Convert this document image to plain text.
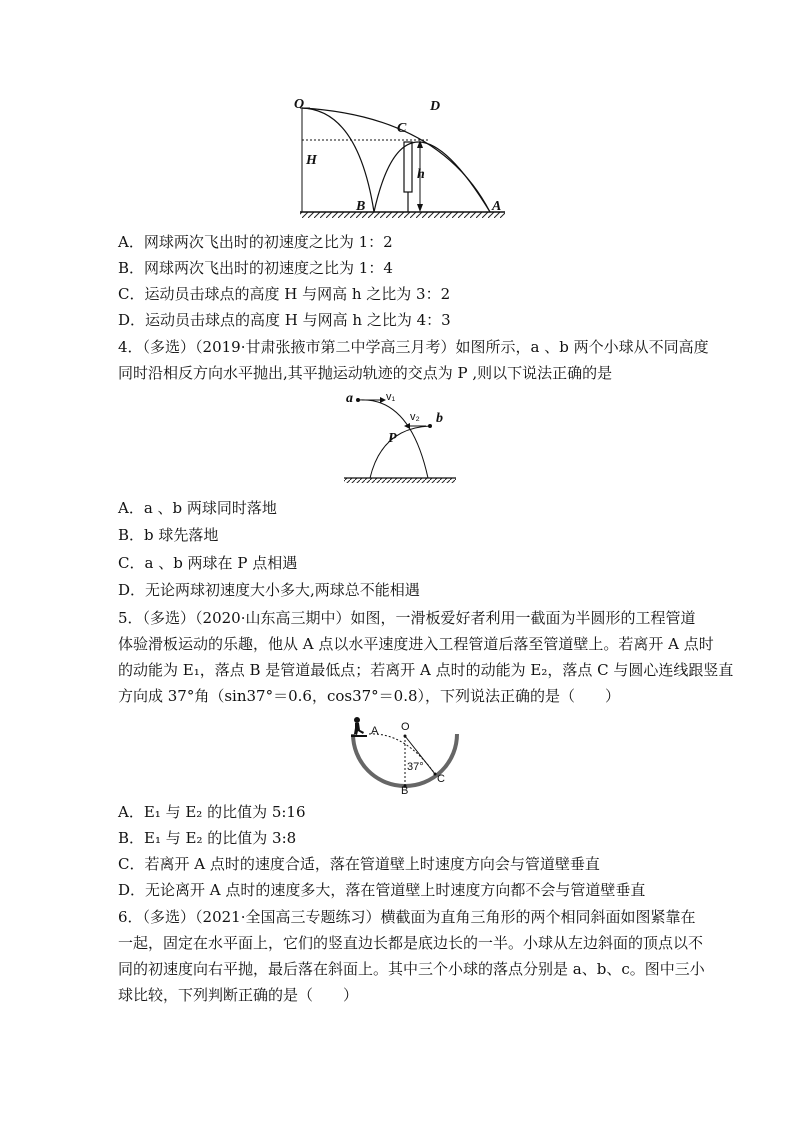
O	D
C
H
h
B	A
A．网球两次飞出时的初速度之比为 1：2
B．网球两次飞出时的初速度之比为 1：4
C．运动员击球点的高度 H 与网高 h 之比为 3：2
D．运动员击球点的高度 H 与网高 h 之比为 4：3
4．（多选）（2019·甘肃张掖市第二中学高三月考）如图所示，a 、b 两个小球从不同高度
同时沿相反方向水平抛出,其平抛运动轨迹的交点为 P ,则以下说法正确的是
a	v₁
v₂ b
P
A．a 、b 两球同时落地
B．b 球先落地
C．a 、b 两球在 P 点相遇
D．无论两球初速度大小多大,两球总不能相遇
5．（多选）（2020·山东高三期中）如图，一滑板爱好者利用一截面为半圆形的工程管道
体验滑板运动的乐趣，他从 A 点以水平速度进入工程管道后落至管道壁上。若离开 A 点时
的动能为 E₁，落点 B 是管道最低点；若离开 A 点时的动能为 E₂，落点 C 与圆心连线跟竖直
方向成 37°角（sin37°＝0.6，cos37°＝0.8），下列说法正确的是（　　）
A O
37°
B
C
A．E₁ 与 E₂ 的比值为 5:16
B．E₁ 与 E₂ 的比值为 3:8
C．若离开 A 点时的速度合适，落在管道壁上时速度方向会与管道壁垂直
D．无论离开 A 点时的速度多大，落在管道壁上时速度方向都不会与管道壁垂直
6．（多选）（2021·全国高三专题练习）横截面为直角三角形的两个相同斜面如图紧靠在
一起，固定在水平面上，它们的竖直边长都是底边长的一半。小球从左边斜面的顶点以不
同的初速度向右平抛，最后落在斜面上。其中三个小球的落点分别是 a、b、c。图中三小
球比较，下列判断正确的是（　　）
